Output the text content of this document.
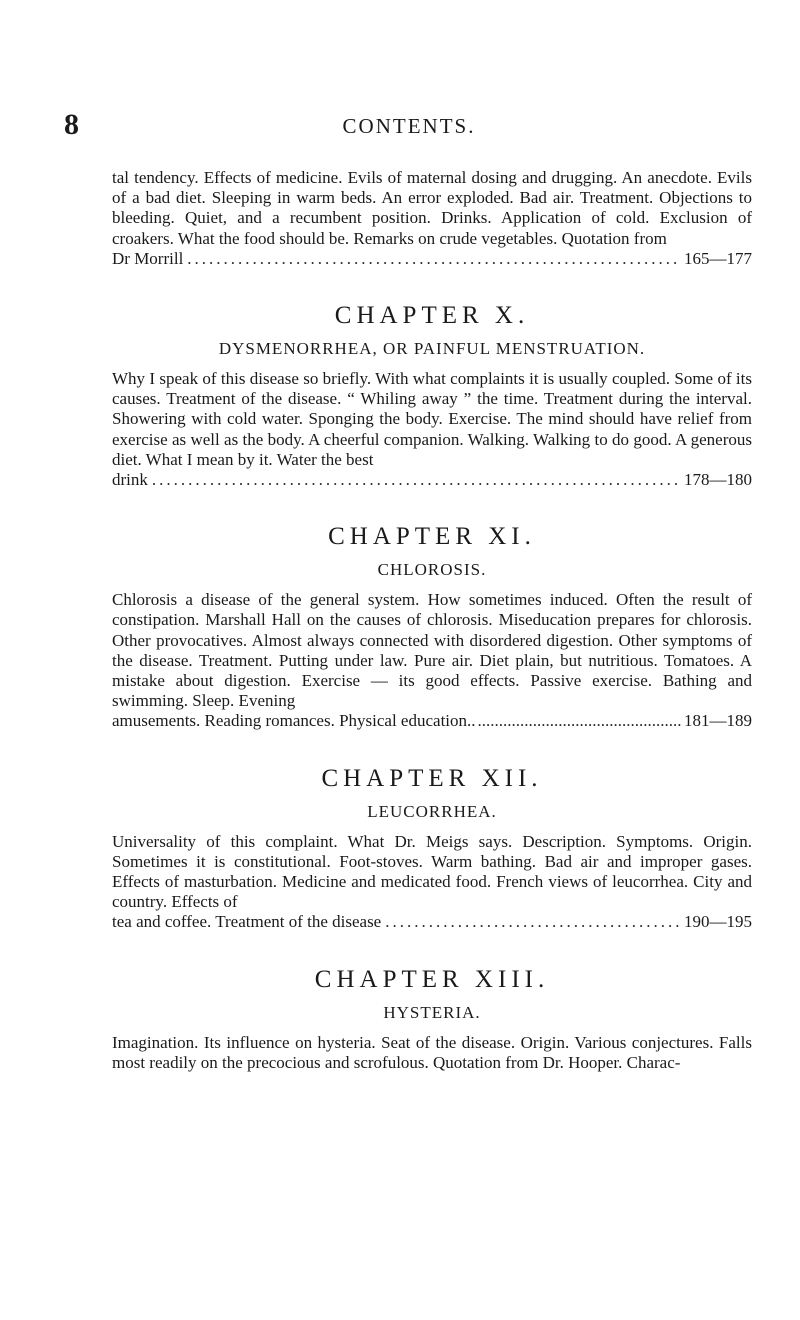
8	CONTENTS.

tal tendency. Effects of medicine. Evils of maternal dosing and drugging. An anecdote. Evils of a bad diet. Sleeping in warm beds. An error exploded. Bad air. Treatment. Objections to bleeding. Quiet, and a recumbent position. Drinks. Application of cold. Exclusion of croakers. What the food should be. Remarks on crude vegetables. Quotation from

Dr Morrill .....	165—177
CHAPTER X.
DYSMENORRHEA, OR PAINFUL MENSTRUATION.

Why I speak of this disease so briefly. With what complaints it is usually coupled. Some of its causes. Treatment of the disease. “ Whiling away ” the time. Treatment during the interval. Showering with cold water. Sponging the body. Exercise. The mind should have relief from exercise as well as the body. A cheerful companion. Walking. Walking to do good. A generous diet. What I mean by it. Water the best

drink .....	178—180
CHAPTER XI.
CHLOROSIS.

Chlorosis a disease of the general system. How sometimes induced. Often the result of constipation. Marshall Hall on the causes of chlorosis. Miseducation prepares for chlorosis. Other provocatives. Almost always connected with disordered digestion. Other symptoms of the disease. Treatment. Putting under law. Pure air. Diet plain, but nutritious. Tomatoes. A mistake about digestion. Exercise — its good effects. Passive exercise. Bathing and swimming. Sleep. Evening

amusements. Reading romances. Physical education.. .....	181—189
CHAPTER XII.
LEUCORRHEA.

Universality of this complaint. What Dr. Meigs says. Description. Symptoms. Origin. Sometimes it is constitutional. Foot-stoves. Warm bathing. Bad air and improper gases. Effects of masturbation. Medicine and medicated food. French views of leucorrhea. City and country. Effects of

tea and coffee. Treatment of the disease .....	190—195
CHAPTER XIII.
HYSTERIA.

Imagination. Its influence on hysteria. Seat of the disease. Origin. Various conjectures. Falls most readily on the precocious and scrofulous. Quotation from Dr. Hooper. Charac-
